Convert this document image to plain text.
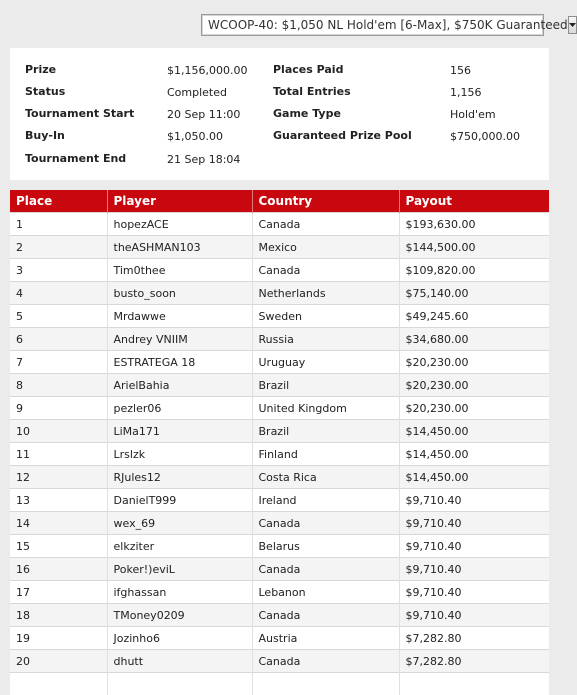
WCOOP-40: $1,050 NL Hold'em [6-Max], $750K Guaranteed
Prize	$1,156,000.00
Status	Completed
Tournament Start	20 Sep 11:00
Buy-In	$1,050.00
Tournament End	21 Sep 18:04
Places Paid	156
Total Entries	1,156
Game Type	Hold'em
Guaranteed Prize Pool	$750,000.00
Place	Player	Country	Payout
1	hopezACE	Canada	$193,630.00
2	theASHMAN103	Mexico	$144,500.00
3	Tim0thee	Canada	$109,820.00
4	busto_soon	Netherlands	$75,140.00
5	Mrdawwe	Sweden	$49,245.60
6	Andrey VNIIM	Russia	$34,680.00
7	ESTRATEGA 18	Uruguay	$20,230.00
8	ArielBahia	Brazil	$20,230.00
9	pezler06	United Kingdom	$20,230.00
10	LiMa171	Brazil	$14,450.00
11	Lrslzk	Finland	$14,450.00
12	RJules12	Costa Rica	$14,450.00
13	DanielT999	Ireland	$9,710.40
14	wex_69	Canada	$9,710.40
15	elkziter	Belarus	$9,710.40
16	Poker!)eviL	Canada	$9,710.40
17	ifghassan	Lebanon	$9,710.40
18	TMoney0209	Canada	$9,710.40
19	Jozinho6	Austria	$7,282.80
20	dhutt	Canada	$7,282.80
